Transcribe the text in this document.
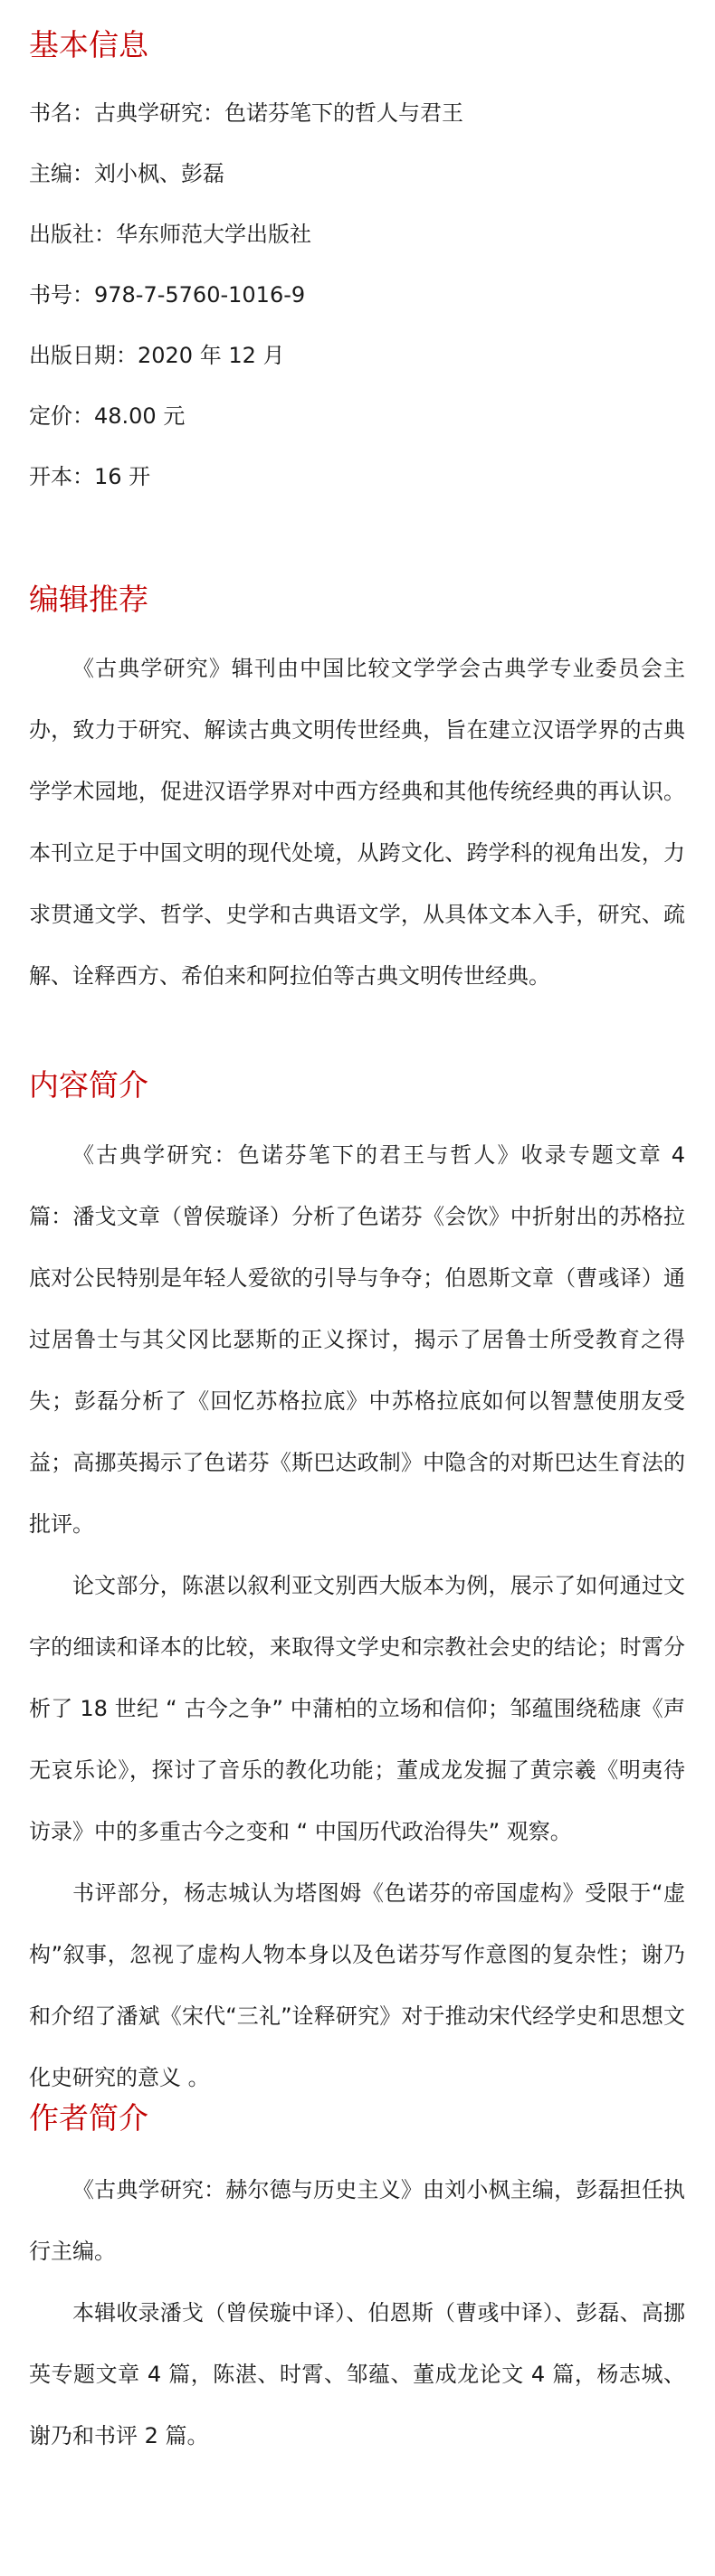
基本信息

书名：古典学研究：色诺芬笔下的哲人与君王

主编：刘小枫、彭磊

出版社：华东师范大学出版社

书号：978-7-5760-1016-9

出版日期：2020 年 12 月

定价：48.00 元

开本：16 开

编辑推荐

《古典学研究》辑刊由中国比较文学学会古典学专业委员会主办，致力于研究、解读古典文明传世经典，旨在建立汉语学界的古典学学术园地，促进汉语学界对中西方经典和其他传统经典的再认识。本刊立足于中国文明的现代处境，从跨文化、跨学科的视角出发，力求贯通文学、哲学、史学和古典语文学，从具体文本入手，研究、疏解、诠释西方、希伯来和阿拉伯等古典文明传世经典。

内容简介

《古典学研究：色诺芬笔下的君王与哲人》收录专题文章 4 篇：潘戈文章（曾侯璇译）分析了色诺芬《会饮》中折射出的苏格拉底对公民特别是年轻人爱欲的引导与争夺；伯恩斯文章（曹彧译）通过居鲁士与其父冈比瑟斯的正义探讨，揭示了居鲁士所受教育之得失；彭磊分析了《回忆苏格拉底》中苏格拉底如何以智慧使朋友受益；高挪英揭示了色诺芬《斯巴达政制》中隐含的对斯巴达生育法的批评。

论文部分，陈湛以叙利亚文别西大版本为例，展示了如何通过文字的细读和译本的比较，来取得文学史和宗教社会史的结论；时霄分析了 18 世纪 “ 古今之争” 中蒲柏的立场和信仰；邹蕴围绕嵇康《声无哀乐论》，探讨了音乐的教化功能；董成龙发掘了黄宗羲《明夷待访录》中的多重古今之变和 “ 中国历代政治得失” 观察。

书评部分，杨志城认为塔图姆《色诺芬的帝国虚构》受限于“虚构”叙事，忽视了虚构人物本身以及色诺芬写作意图的复杂性；谢乃和介绍了潘斌《宋代“三礼”诠释研究》对于推动宋代经学史和思想文化史研究的意义 。

作者简介

《古典学研究：赫尔德与历史主义》由刘小枫主编，彭磊担任执行主编。

本辑收录潘戈（曾侯璇中译）、伯恩斯（曹彧中译）、彭磊、高挪英专题文章 4 篇，陈湛、时霄、邹蕴、董成龙论文 4 篇，杨志城、谢乃和书评 2 篇。
